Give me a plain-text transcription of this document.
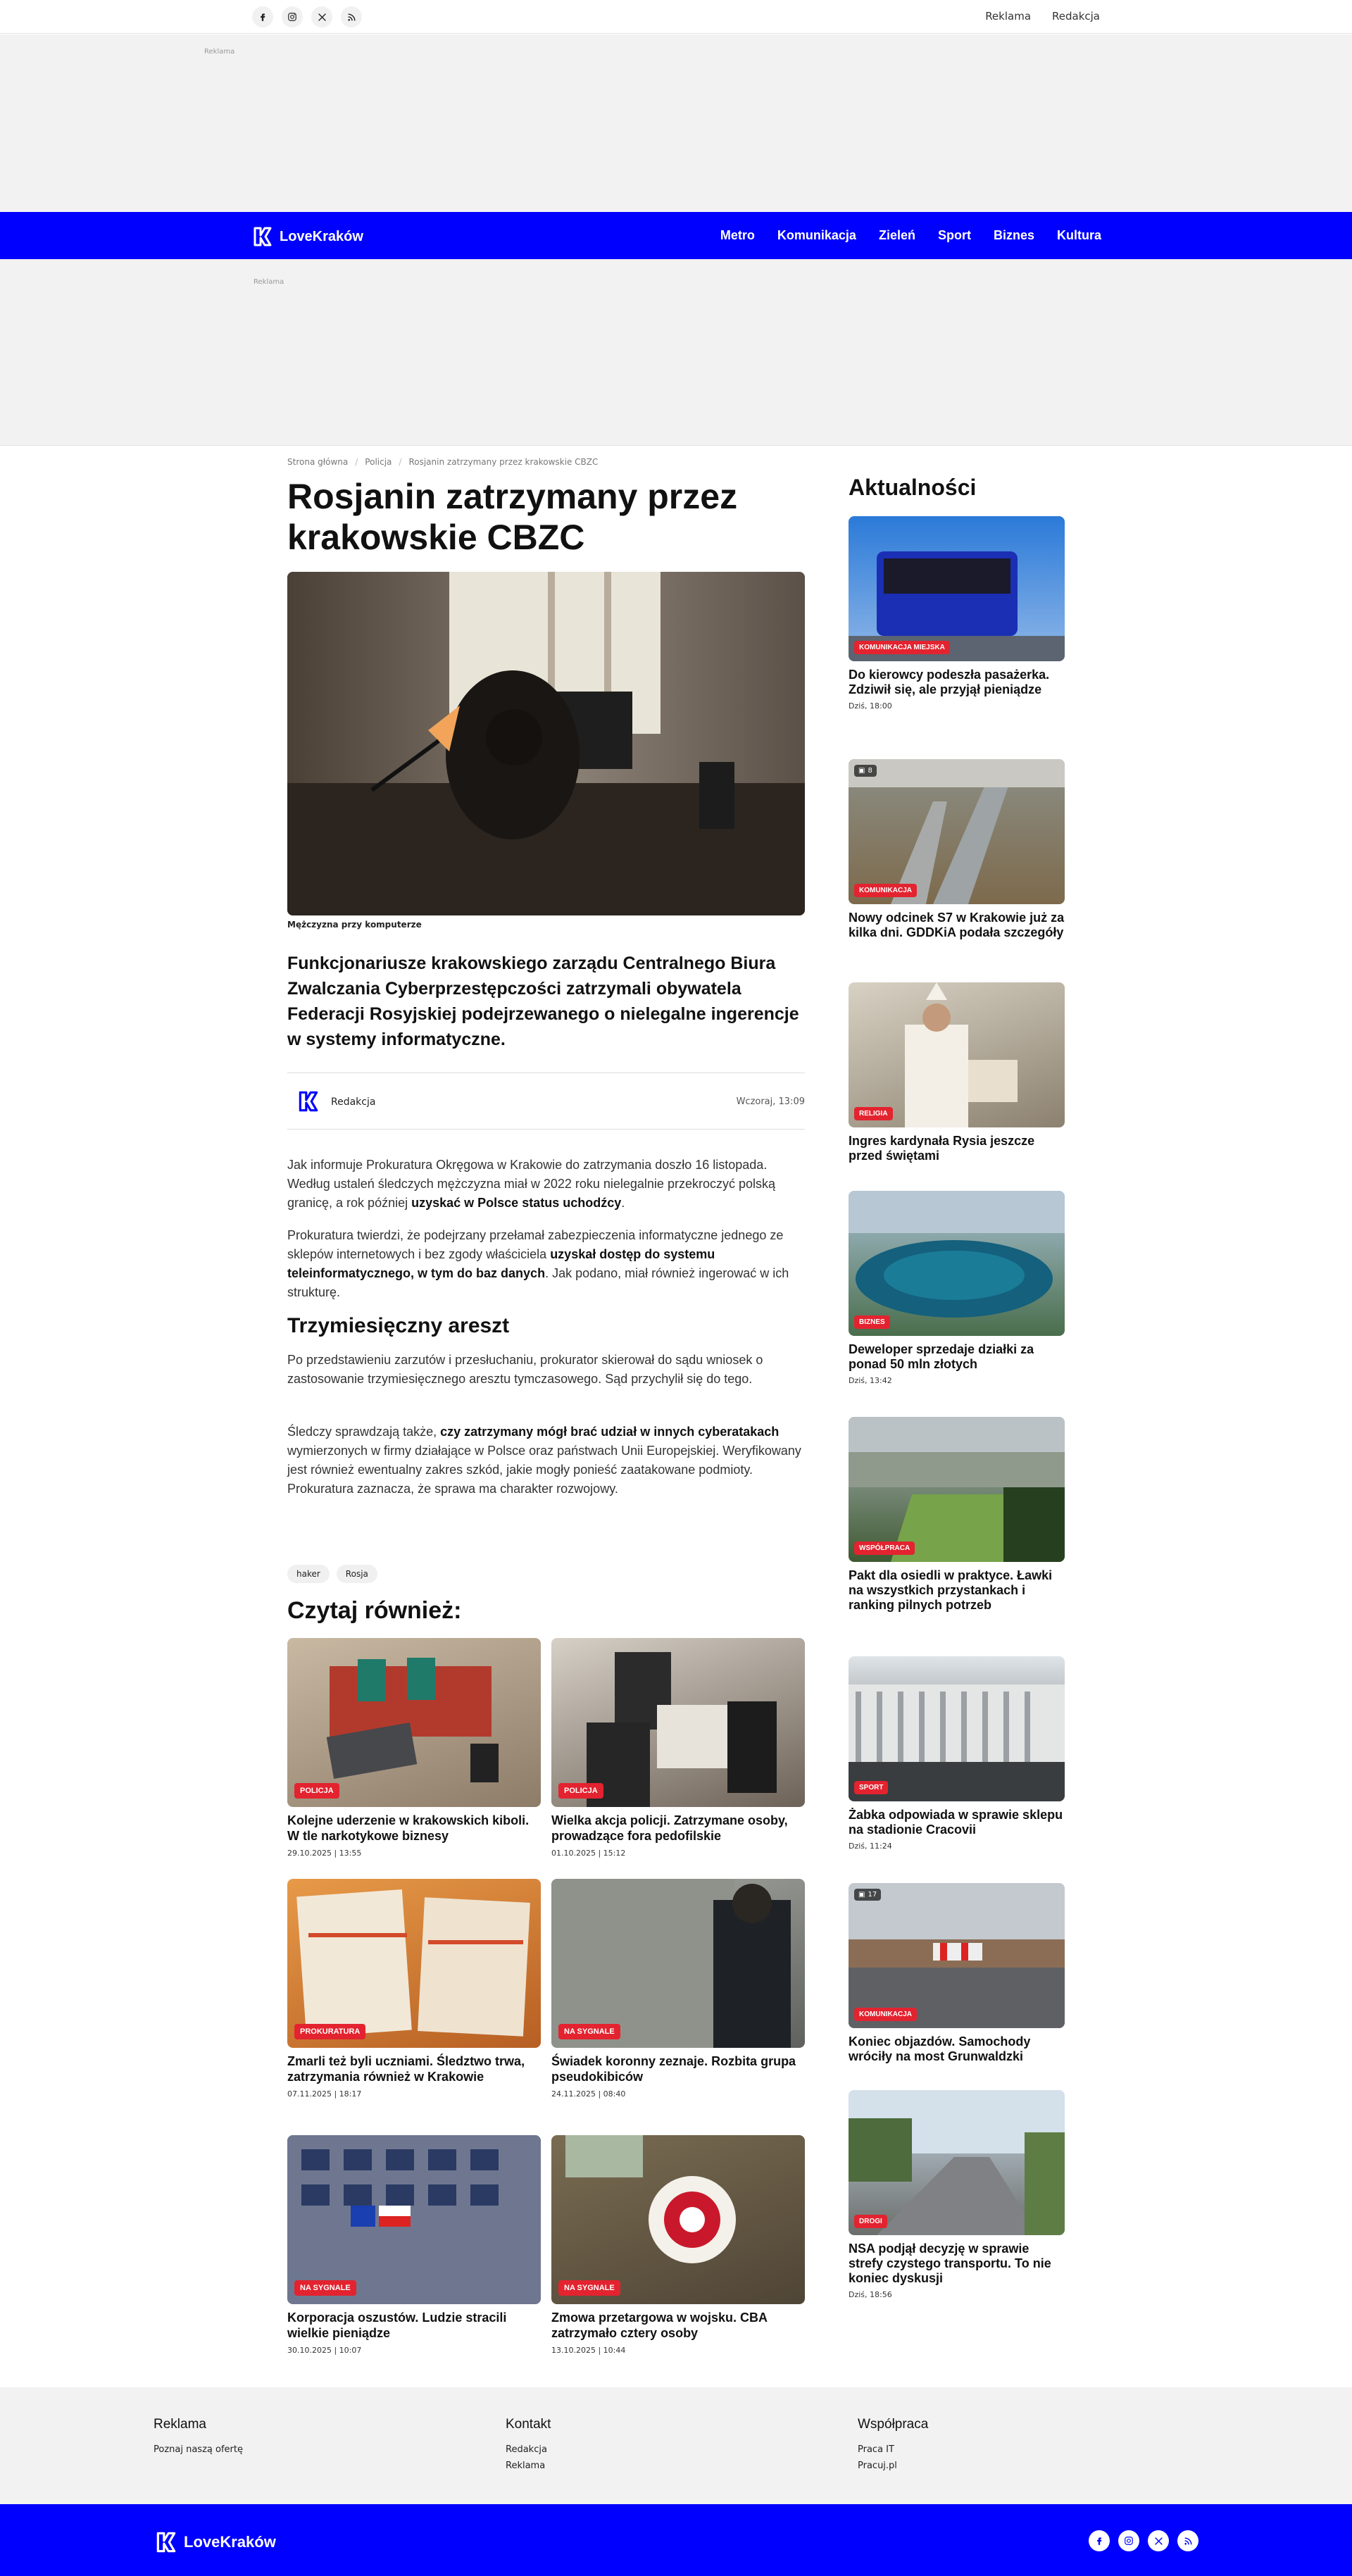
Reklama Redakcja
Reklama
LoveKraków	Metro Komunikacja Zieleń Sport Biznes Kultura
Reklama
Strona główna / Policja / Rosjanin zatrzymany przez krakowskie CBZC
Rosjanin zatrzymany przez krakowskie CBZC
Mężczyzna przy komputerze

Funkcjonariusze krakowskiego zarządu Centralnego Biura Zwalczania Cyberprzestępczości zatrzymali obywatela Federacji Rosyjskiej podejrzewanego o nielegalne ingerencje w systemy informatyczne.

Redakcja	Wczoraj, 13:09

Jak informuje Prokuratura Okręgowa w Krakowie do zatrzymania doszło 16 listopada. Według ustaleń śledczych mężczyzna miał w 2022 roku nielegalnie przekroczyć polską granicę, a rok później uzyskać w Polsce status uchodźcy.

Prokuratura twierdzi, że podejrzany przełamał zabezpieczenia informatyczne jednego ze sklepów internetowych i bez zgody właściciela uzyskał dostęp do systemu teleinformatycznego, w tym do baz danych. Jak podano, miał również ingerować w ich strukturę.

Trzymiesięczny areszt

Po przedstawieniu zarzutów i przesłuchaniu, prokurator skierował do sądu wniosek o zastosowanie trzymiesięcznego aresztu tymczasowego. Sąd przychylił się do tego.

Śledczy sprawdzają także, czy zatrzymany mógł brać udział w innych cyberatakach wymierzonych w firmy działające w Polsce oraz państwach Unii Europejskiej. Weryfikowany jest również ewentualny zakres szkód, jakie mogły ponieść zaatakowane podmioty. Prokuratura zaznacza, że sprawa ma charakter rozwojowy.

haker	Rosja
Czytaj również:
POLICJA
Kolejne uderzenie w krakowskich kiboli. W tle narkotykowe biznesy
29.10.2025 | 13:55
POLICJA
Wielka akcja policji. Zatrzymane osoby, prowadzące fora pedofilskie
01.10.2025 | 15:12
PROKURATURA
Zmarli też byli uczniami. Śledztwo trwa, zatrzymania również w Krakowie
07.11.2025 | 18:17
NA SYGNALE
Świadek koronny zeznaje. Rozbita grupa pseudokibiców
24.11.2025 | 08:40
NA SYGNALE
Korporacja oszustów. Ludzie stracili wielkie pieniądze
30.10.2025 | 10:07
NA SYGNALE
Zmowa przetargowa w wojsku. CBA zatrzymało cztery osoby
13.10.2025 | 10:44
Aktualności
KOMUNIKACJA MIEJSKA
Do kierowcy podeszła pasażerka. Zdziwił się, ale przyjął pieniądze
Dziś, 18:00
▣ 8
KOMUNIKACJA
Nowy odcinek S7 w Krakowie już za kilka dni. GDDKiA podała szczegóły
RELIGIA
Ingres kardynała Rysia jeszcze przed świętami
BIZNES
Deweloper sprzedaje działki za ponad 50 mln złotych
Dziś, 13:42
WSPÓŁPRACA
Pakt dla osiedli w praktyce. Ławki na wszystkich przystankach i ranking pilnych potrzeb
SPORT
Żabka odpowiada w sprawie sklepu na stadionie Cracovii
Dziś, 11:24
▣ 17
KOMUNIKACJA
Koniec objazdów. Samochody wróciły na most Grunwaldzki
DROGI
NSA podjął decyzję w sprawie strefy czystego transportu. To nie koniec dyskusji
Dziś, 18:56
Reklama
Poznaj naszą ofertę
Kontakt
Redakcja
Reklama
Współpraca
Praca IT
Pracuj.pl
LoveKraków
